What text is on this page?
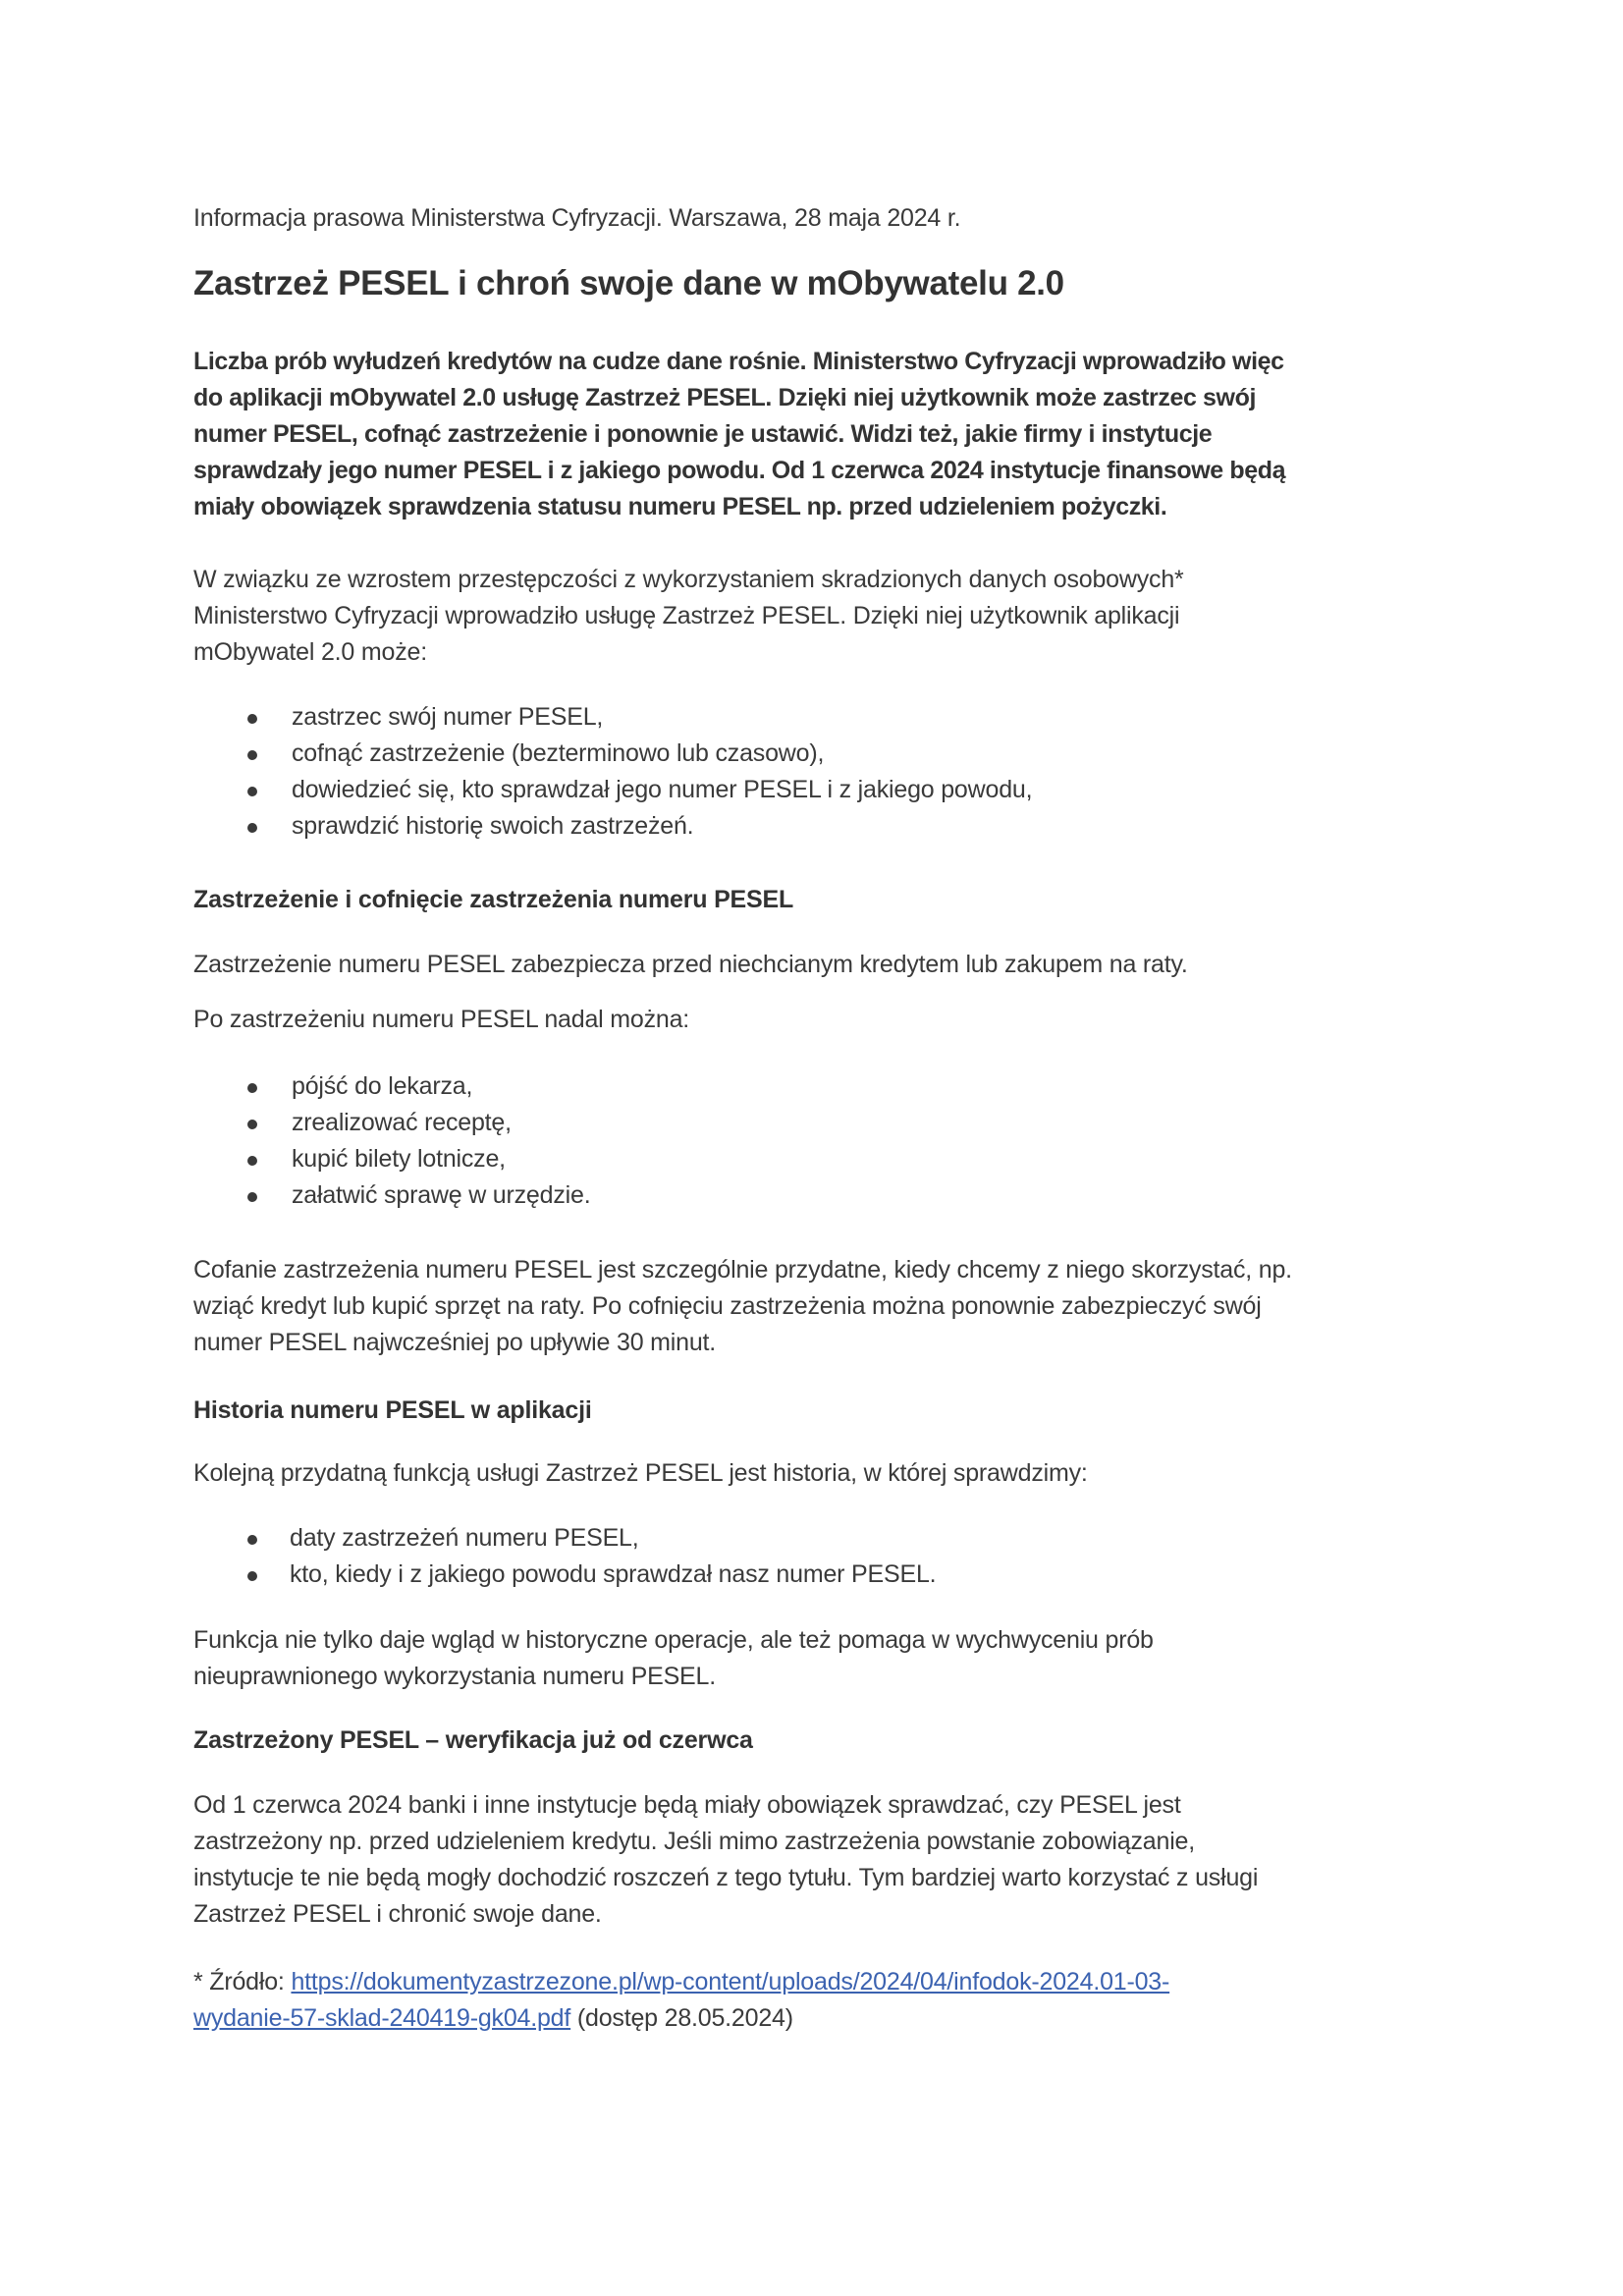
Informacja prasowa Ministerstwa Cyfryzacji. Warszawa, 28 maja 2024 r.
Zastrzeż PESEL i chroń swoje dane w mObywatelu 2.0
Liczba prób wyłudzeń kredytów na cudze dane rośnie. Ministerstwo Cyfryzacji wprowadziło więc
do aplikacji mObywatel 2.0 usługę Zastrzeż PESEL. Dzięki niej użytkownik może zastrzec swój
numer PESEL, cofnąć zastrzeżenie i ponownie je ustawić. Widzi też, jakie firmy i instytucje
sprawdzały jego numer PESEL i z jakiego powodu. Od 1 czerwca 2024 instytucje finansowe będą
miały obowiązek sprawdzenia statusu numeru PESEL np. przed udzieleniem pożyczki.
W związku ze wzrostem przestępczości z wykorzystaniem skradzionych danych osobowych*
Ministerstwo Cyfryzacji wprowadziło usługę Zastrzeż PESEL. Dzięki niej użytkownik aplikacji
mObywatel 2.0 może:
zastrzec swój numer PESEL,
cofnąć zastrzeżenie (bezterminowo lub czasowo),
dowiedzieć się, kto sprawdzał jego numer PESEL i z jakiego powodu,
sprawdzić historię swoich zastrzeżeń.
Zastrzeżenie i cofnięcie zastrzeżenia numeru PESEL
Zastrzeżenie numeru PESEL zabezpiecza przed niechcianym kredytem lub zakupem na raty.
Po zastrzeżeniu numeru PESEL nadal można:
pójść do lekarza,
zrealizować receptę,
kupić bilety lotnicze,
załatwić sprawę w urzędzie.
Cofanie zastrzeżenia numeru PESEL jest szczególnie przydatne, kiedy chcemy z niego skorzystać, np.
wziąć kredyt lub kupić sprzęt na raty. Po cofnięciu zastrzeżenia można ponownie zabezpieczyć swój
numer PESEL najwcześniej po upływie 30 minut.
Historia numeru PESEL w aplikacji
Kolejną przydatną funkcją usługi Zastrzeż PESEL jest historia, w której sprawdzimy:
daty zastrzeżeń numeru PESEL,
kto, kiedy i z jakiego powodu sprawdzał nasz numer PESEL.
Funkcja nie tylko daje wgląd w historyczne operacje, ale też pomaga w wychwyceniu prób
nieuprawnionego wykorzystania numeru PESEL.
Zastrzeżony PESEL – weryfikacja już od czerwca
Od 1 czerwca 2024 banki i inne instytucje będą miały obowiązek sprawdzać, czy PESEL jest
zastrzeżony np. przed udzieleniem kredytu. Jeśli mimo zastrzeżenia powstanie zobowiązanie,
instytucje te nie będą mogły dochodzić roszczeń z tego tytułu. Tym bardziej warto korzystać z usługi
Zastrzeż PESEL i chronić swoje dane.
* Źródło: https://dokumentyzastrzezone.pl/wp-content/uploads/2024/04/infodok-2024.01-03-
wydanie-57-sklad-240419-gk04.pdf (dostęp 28.05.2024)
